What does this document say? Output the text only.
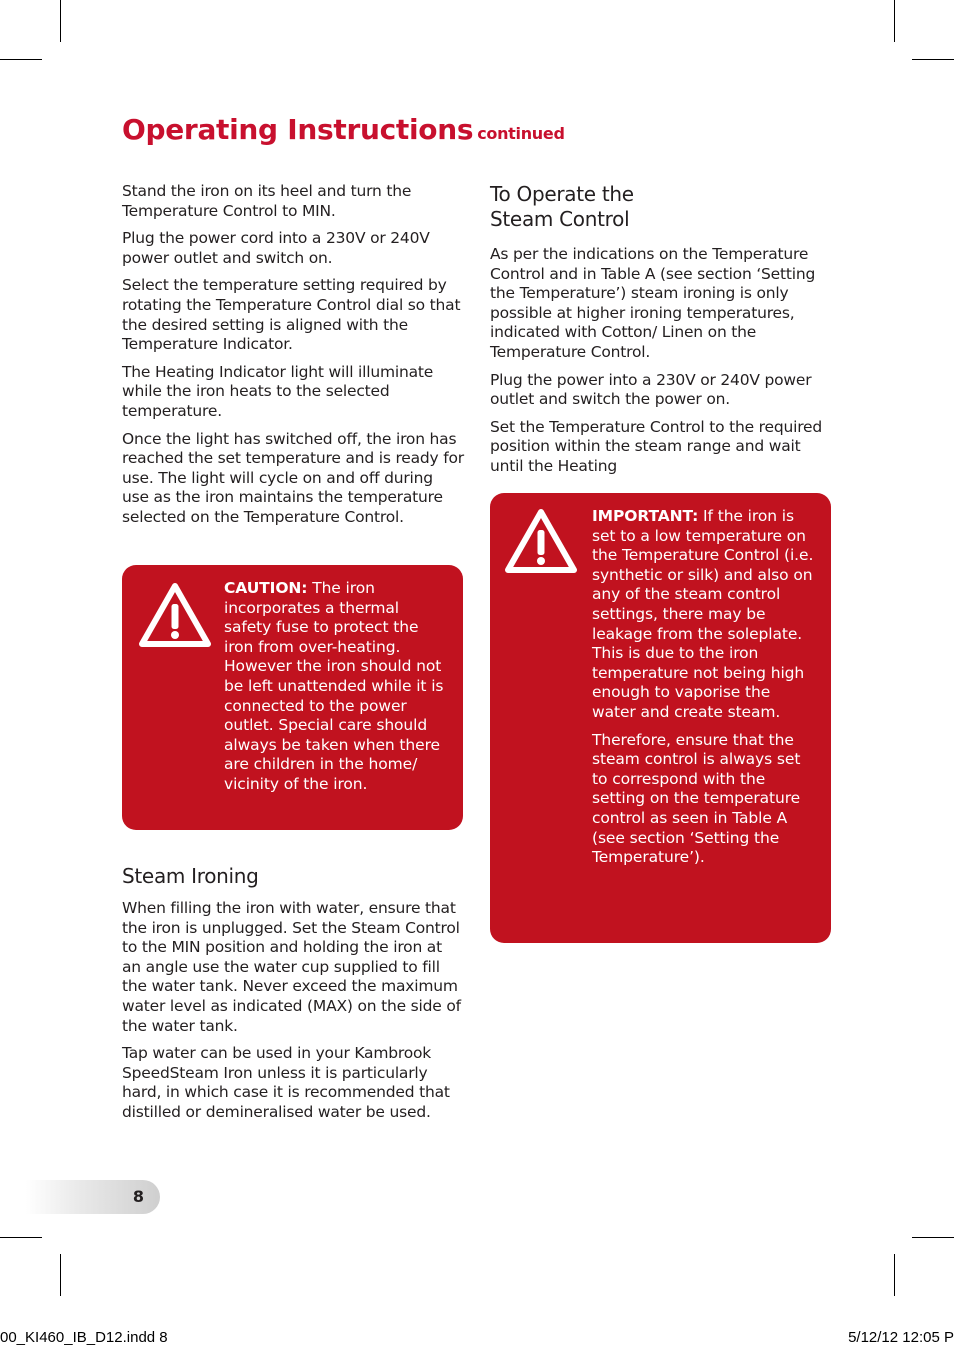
Operating Instructions continued

Stand the iron on its heel and turn the Temperature Control to MIN.

Plug the power cord into a 230V or 240V power outlet and switch on.

Select the temperature setting required by rotating the Temperature Control dial so that the desired setting is aligned with the Temperature Indicator.

The Heating Indicator light will illuminate while the iron heats to the selected temperature.

Once the light has switched off, the iron has reached the set temperature and is ready for use. The light will cycle on and off during use as the iron maintains the temperature selected on the Temperature Control.

CAUTION: The iron incorporates a thermal safety fuse to protect the iron from over-heating. However the iron should not be left unattended while it is connected to the power outlet. Special care should always be taken when there are children in the home/ vicinity of the iron.

Steam Ironing

When filling the iron with water, ensure that the iron is unplugged. Set the Steam Control to the MIN position and holding the iron at an angle use the water cup supplied to fill the water tank. Never exceed the maximum water level as indicated (MAX) on the side of the water tank.

Tap water can be used in your Kambrook SpeedSteam Iron unless it is particularly hard, in which case it is recommended that distilled or demineralised water be used.

To Operate the
Steam Control

As per the indications on the Temperature Control and in Table A (see section ‘Setting the Temperature’) steam ironing is only possible at higher ironing temperatures, indicated with Cotton/ Linen on the Temperature Control.

Plug the power into a 230V or 240V power outlet and switch the power on.

Set the Temperature Control to the required position within the steam range and wait until the Heating

IMPORTANT: If the iron is set to a low temperature on the Temperature Control (i.e. synthetic or silk) and also on any of the steam control settings, there may be leakage from the soleplate. This is due to the iron temperature not being high enough to vaporise the water and create steam.

Therefore, ensure that the steam control is always set to correspond with the setting on the temperature control as seen in Table A (see section ‘Setting the Temperature’).

8
00_KI460_IB_D12.indd 8	5/12/12 12:05 P
